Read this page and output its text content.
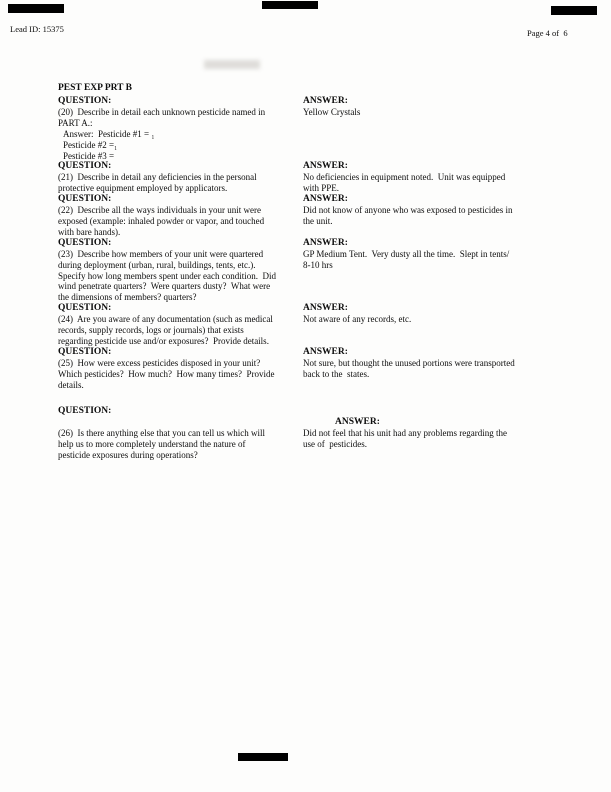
Lead ID: 15375	Page 4 of  6
PEST EXP PRT B
QUESTION:
(20)  Describe in detail each unknown pesticide named in
PART A.:
Answer:  Pesticide #1 = ₁
Pesticide #2 =₁
Pesticide #3 =
ANSWER:
Yellow Crystals
QUESTION:
(21)  Describe in detail any deficiencies in the personal
protective equipment employed by applicators.
ANSWER:
No deficiencies in equipment noted.  Unit was equipped
with PPE.
QUESTION:
(22)  Describe all the ways individuals in your unit were
exposed (example: inhaled powder or vapor, and touched
with bare hands).
ANSWER:
Did not know of anyone who was exposed to pesticides in
the unit.
QUESTION:
(23)  Describe how members of your unit were quartered
during deployment (urban, rural, buildings, tents, etc.).
Specify how long members spent under each condition.  Did
wind penetrate quarters?  Were quarters dusty?  What were
the dimensions of members? quarters?
ANSWER:
GP Medium Tent.  Very dusty all the time.  Slept in tents/
8-10 hrs
QUESTION:
(24)  Are you aware of any documentation (such as medical
records, supply records, logs or journals) that exists
regarding pesticide use and/or exposures?  Provide details.
ANSWER:
Not aware of any records, etc.
QUESTION:
(25)  How were excess pesticides disposed in your unit?
Which pesticides?  How much?  How many times?  Provide
details.
ANSWER:
Not sure, but thought the unused portions were transported
back to the  states.
QUESTION:
(26)  Is there anything else that you can tell us which will
help us to more completely understand the nature of
pesticide exposures during operations?
ANSWER:
Did not feel that his unit had any problems regarding the
use of  pesticides.
